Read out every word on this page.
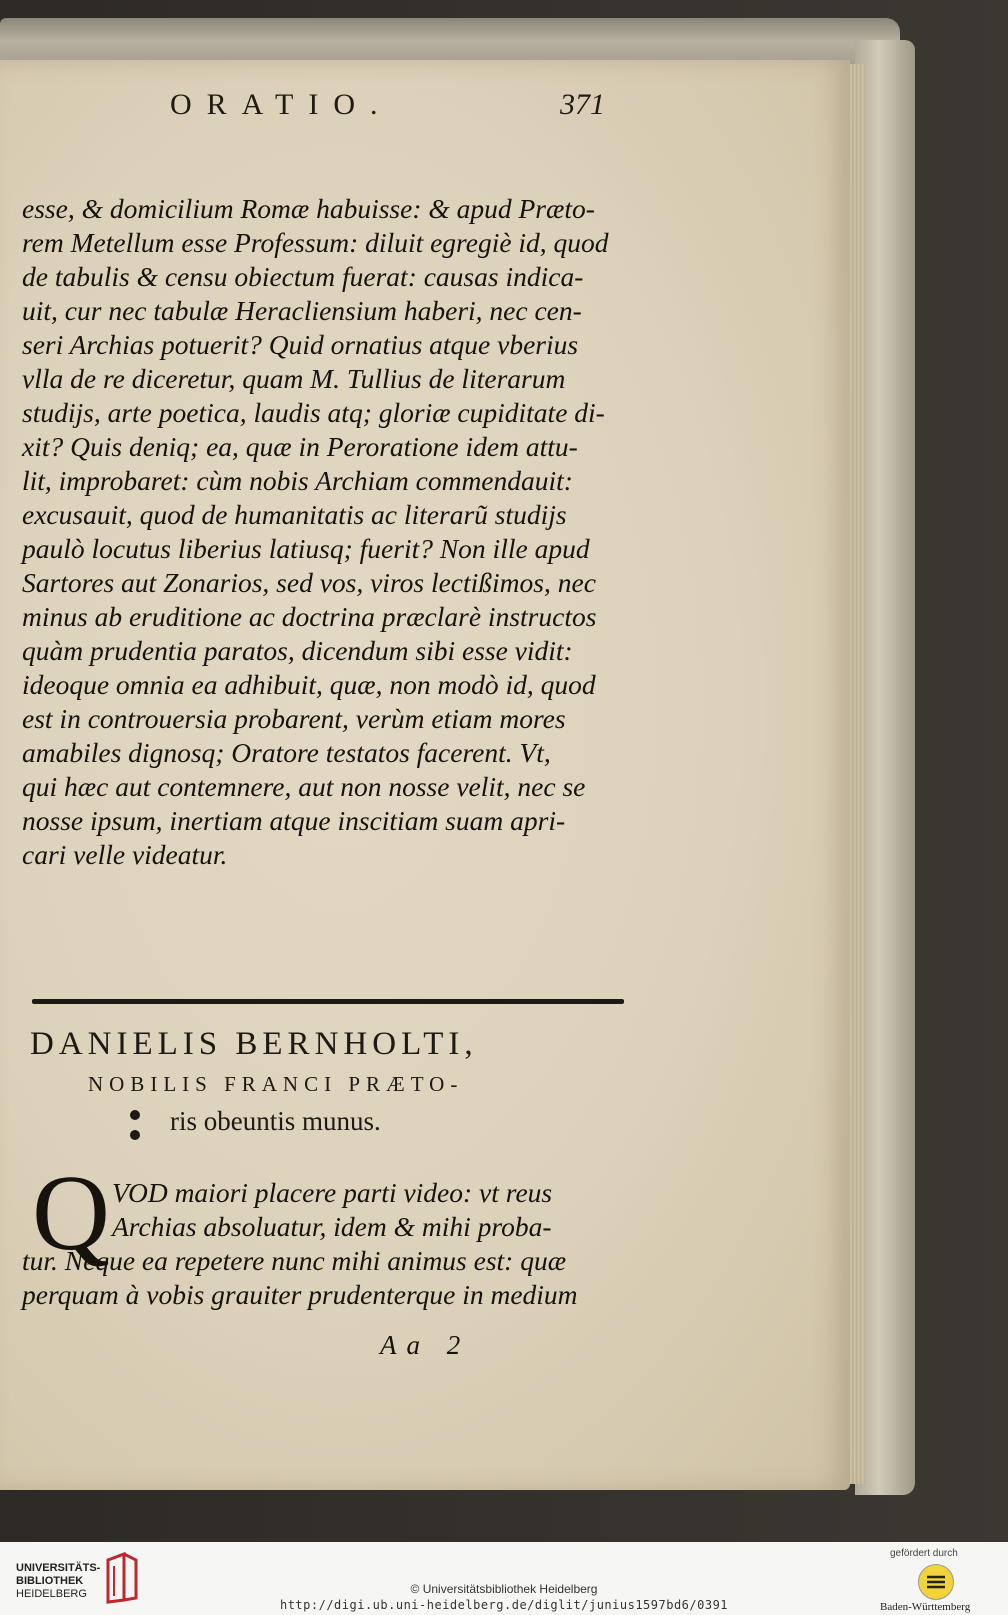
ORATIO.	371
esse, & domicilium Romæ habuisse: & apud Præto-
rem Metellum esse Professum: diluit egregiè id, quod
de tabulis & censu obiectum fuerat: causas indica-
uit, cur nec tabulæ Heracliensium haberi, nec cen-
seri Archias potuerit? Quid ornatius atque vberius
vlla de re diceretur, quam M. Tullius de literarum
studijs, arte poetica, laudis atq; gloriæ cupiditate di-
xit? Quis deniq; ea, quæ in Peroratione idem attu-
lit, improbaret: cùm nobis Archiam commendauit:
excusauit, quod de humanitatis ac literarũ studijs
paulò locutus liberius latiusq; fuerit? Non ille apud
Sartores aut Zonarios, sed vos, viros lectißimos, nec
minus ab eruditione ac doctrina præclarè instructos
quàm prudentia paratos, dicendum sibi esse vidit:
ideoque omnia ea adhibuit, quæ, non modò id, quod
est in controuersia probarent, verùm etiam mores
amabiles dignosq; Oratore testatos facerent. Vt,
qui hæc aut contemnere, aut non nosse velit, nec se
nosse ipsum, inertiam atque inscitiam suam apri-
cari velle videatur.
DANIELIS BERNHOLTI,
NOBILIS FRANCI PRÆTO-
ris obeuntis munus.
Q VOD maiori placere parti video: vt reus
Archias absoluatur, idem & mihi proba-
tur. Neque ea repetere nunc mihi animus est: quæ
perquam à vobis grauiter prudenterque in medium
Aa 2
UNIVERSITÄTS-
BIBLIOTHEK
HEIDELBERG	© Universitätsbibliothek Heidelberg
http://digi.ub.uni-heidelberg.de/diglit/junius1597bd6/0391
gefördert durch
Baden-Württemberg
